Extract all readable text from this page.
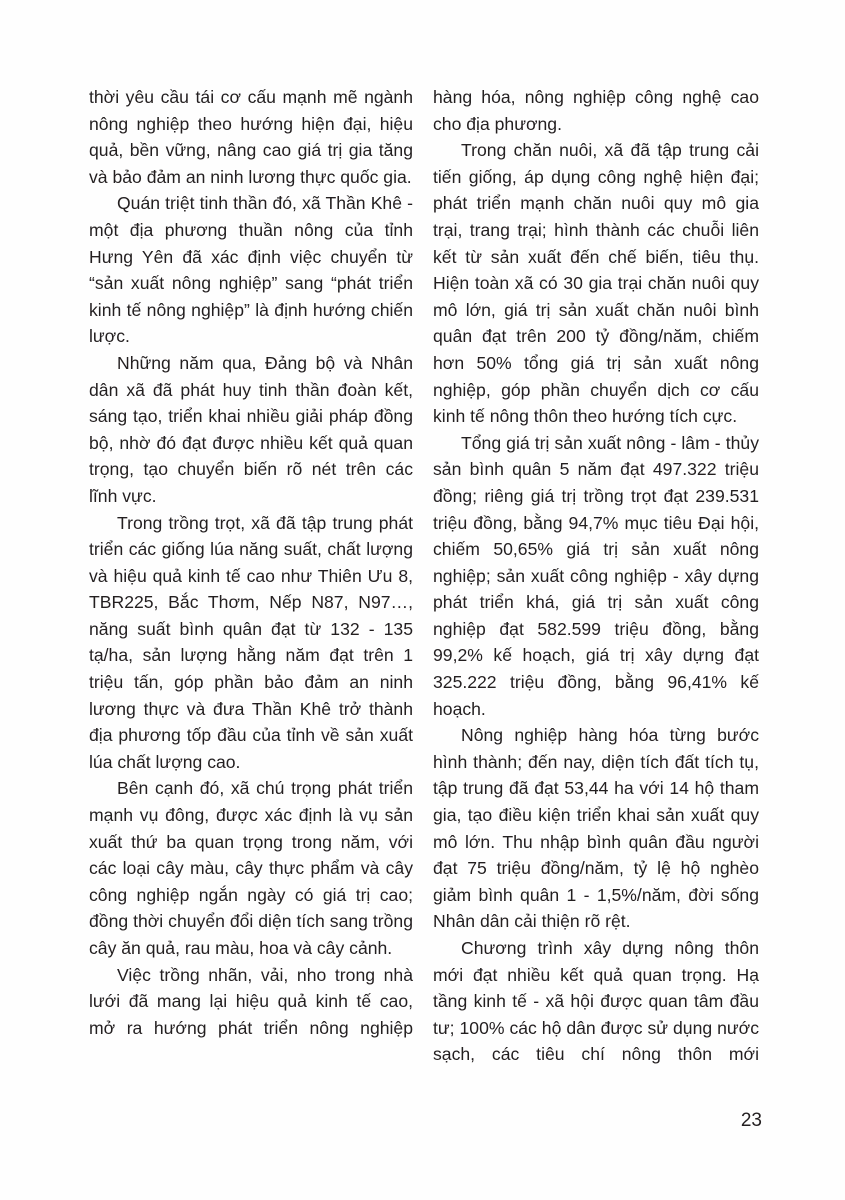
thời yêu cầu tái cơ cấu mạnh mẽ ngành nông nghiệp theo hướng hiện đại, hiệu quả, bền vững, nâng cao giá trị gia tăng và bảo đảm an ninh lương thực quốc gia.

Quán triệt tinh thần đó, xã Thần Khê - một địa phương thuần nông của tỉnh Hưng Yên đã xác định việc chuyển từ “sản xuất nông nghiệp” sang “phát triển kinh tế nông nghiệp” là định hướng chiến lược.

Những năm qua, Đảng bộ và Nhân dân xã đã phát huy tinh thần đoàn kết, sáng tạo, triển khai nhiều giải pháp đồng bộ, nhờ đó đạt được nhiều kết quả quan trọng, tạo chuyển biến rõ nét trên các lĩnh vực.

Trong trồng trọt, xã đã tập trung phát triển các giống lúa năng suất, chất lượng và hiệu quả kinh tế cao như Thiên Ưu 8, TBR225, Bắc Thơm, Nếp N87, N97…, năng suất bình quân đạt từ 132 - 135 tạ/ha, sản lượng hằng năm đạt trên 1 triệu tấn, góp phần bảo đảm an ninh lương thực và đưa Thần Khê trở thành địa phương tốp đầu của tỉnh về sản xuất lúa chất lượng cao.

Bên cạnh đó, xã chú trọng phát triển mạnh vụ đông, được xác định là vụ sản xuất thứ ba quan trọng trong năm, với các loại cây màu, cây thực phẩm và cây công nghiệp ngắn ngày có giá trị cao; đồng thời chuyển đổi diện tích sang trồng cây ăn quả, rau màu, hoa và cây cảnh.

Việc trồng nhãn, vải, nho trong nhà lưới đã mang lại hiệu quả kinh tế cao, mở ra hướng phát triển nông nghiệp

hàng hóa, nông nghiệp công nghệ cao cho địa phương.

Trong chăn nuôi, xã đã tập trung cải tiến giống, áp dụng công nghệ hiện đại; phát triển mạnh chăn nuôi quy mô gia trại, trang trại; hình thành các chuỗi liên kết từ sản xuất đến chế biến, tiêu thụ. Hiện toàn xã có 30 gia trại chăn nuôi quy mô lớn, giá trị sản xuất chăn nuôi bình quân đạt trên 200 tỷ đồng/năm, chiếm hơn 50% tổng giá trị sản xuất nông nghiệp, góp phần chuyển dịch cơ cấu kinh tế nông thôn theo hướng tích cực.

Tổng giá trị sản xuất nông - lâm - thủy sản bình quân 5 năm đạt 497.322 triệu đồng; riêng giá trị trồng trọt đạt 239.531 triệu đồng, bằng 94,7% mục tiêu Đại hội, chiếm 50,65% giá trị sản xuất nông nghiệp; sản xuất công nghiệp - xây dựng phát triển khá, giá trị sản xuất công nghiệp đạt 582.599 triệu đồng, bằng 99,2% kế hoạch, giá trị xây dựng đạt 325.222 triệu đồng, bằng 96,41% kế hoạch.

Nông nghiệp hàng hóa từng bước hình thành; đến nay, diện tích đất tích tụ, tập trung đã đạt 53,44 ha với 14 hộ tham gia, tạo điều kiện triển khai sản xuất quy mô lớn. Thu nhập bình quân đầu người đạt 75 triệu đồng/năm, tỷ lệ hộ nghèo giảm bình quân 1 - 1,5%/năm, đời sống Nhân dân cải thiện rõ rệt.

Chương trình xây dựng nông thôn mới đạt nhiều kết quả quan trọng. Hạ tầng kinh tế - xã hội được quan tâm đầu tư; 100% các hộ dân được sử dụng nước sạch, các tiêu chí nông thôn mới

23
